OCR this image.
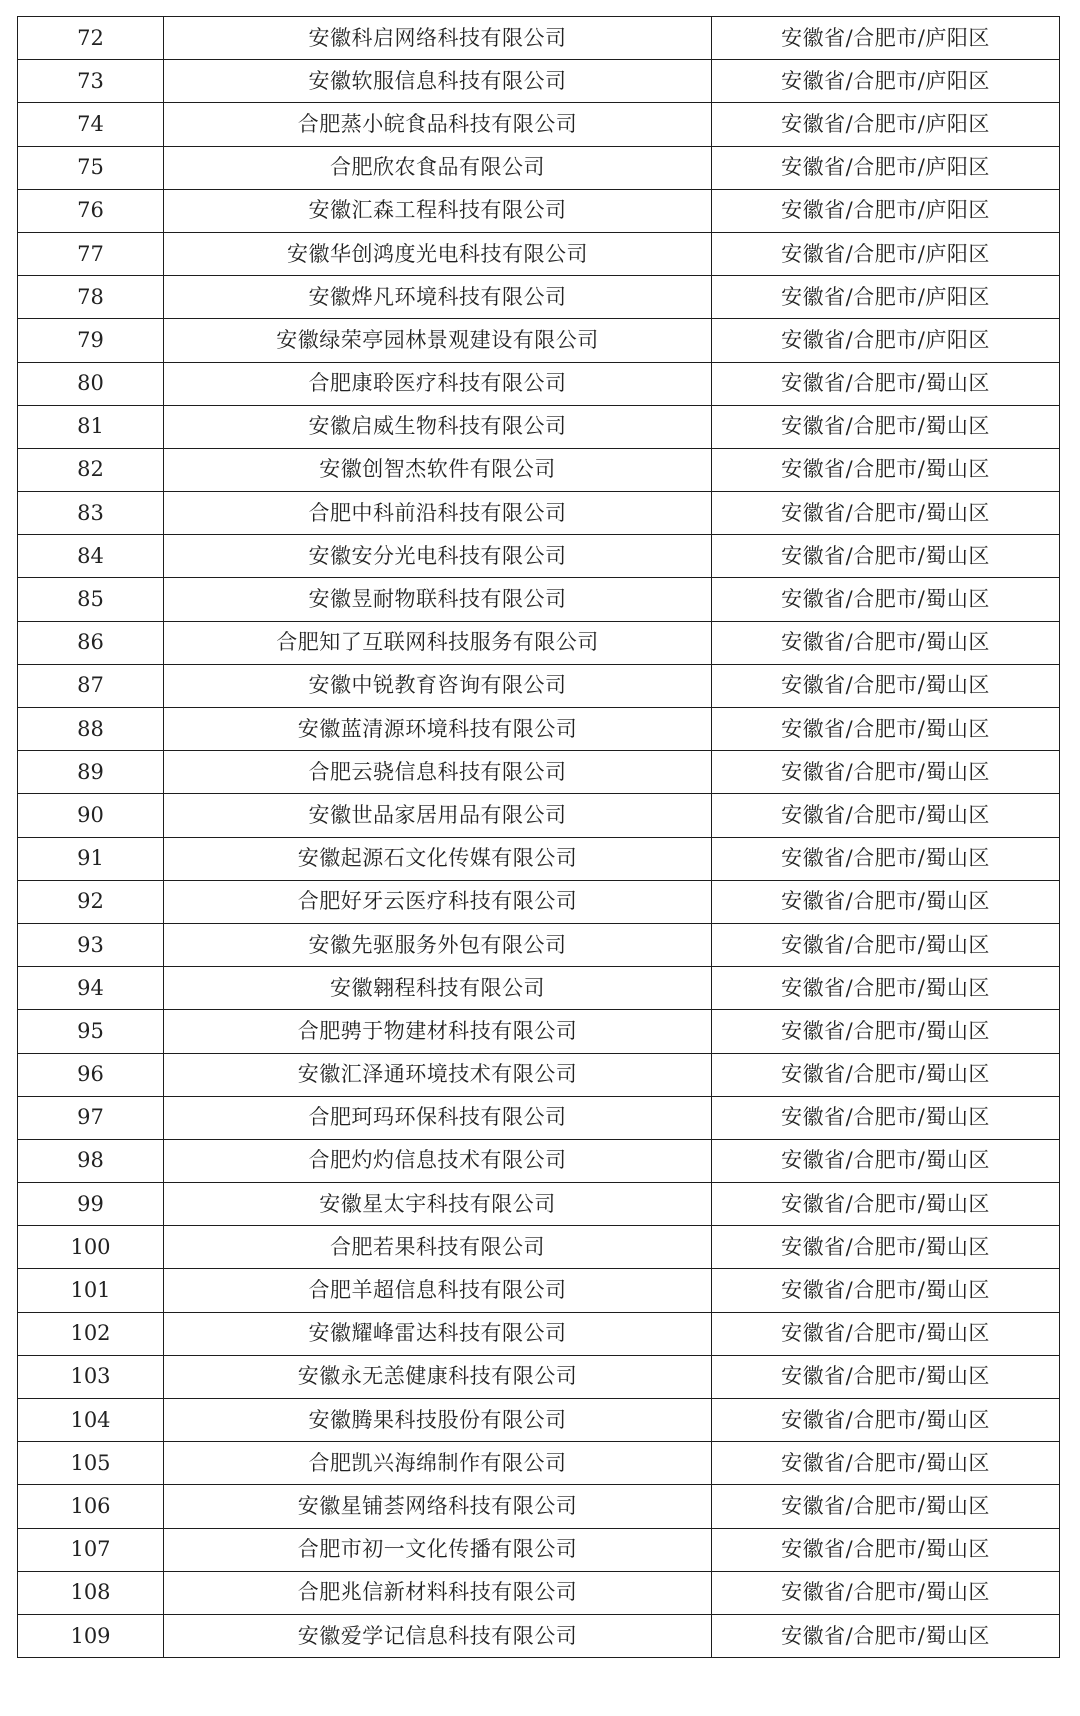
72	安徽科启网络科技有限公司	安徽省/合肥市/庐阳区
73	安徽软服信息科技有限公司	安徽省/合肥市/庐阳区
74	合肥蒸小皖食品科技有限公司	安徽省/合肥市/庐阳区
75	合肥欣农食品有限公司	安徽省/合肥市/庐阳区
76	安徽汇森工程科技有限公司	安徽省/合肥市/庐阳区
77	安徽华创鸿度光电科技有限公司	安徽省/合肥市/庐阳区
78	安徽烨凡环境科技有限公司	安徽省/合肥市/庐阳区
79	安徽绿荣亭园林景观建设有限公司	安徽省/合肥市/庐阳区
80	合肥康聆医疗科技有限公司	安徽省/合肥市/蜀山区
81	安徽启威生物科技有限公司	安徽省/合肥市/蜀山区
82	安徽创智杰软件有限公司	安徽省/合肥市/蜀山区
83	合肥中科前沿科技有限公司	安徽省/合肥市/蜀山区
84	安徽安分光电科技有限公司	安徽省/合肥市/蜀山区
85	安徽昱耐物联科技有限公司	安徽省/合肥市/蜀山区
86	合肥知了互联网科技服务有限公司	安徽省/合肥市/蜀山区
87	安徽中锐教育咨询有限公司	安徽省/合肥市/蜀山区
88	安徽蓝清源环境科技有限公司	安徽省/合肥市/蜀山区
89	合肥云骁信息科技有限公司	安徽省/合肥市/蜀山区
90	安徽世品家居用品有限公司	安徽省/合肥市/蜀山区
91	安徽起源石文化传媒有限公司	安徽省/合肥市/蜀山区
92	合肥好牙云医疗科技有限公司	安徽省/合肥市/蜀山区
93	安徽先驱服务外包有限公司	安徽省/合肥市/蜀山区
94	安徽翱程科技有限公司	安徽省/合肥市/蜀山区
95	合肥骋于物建材科技有限公司	安徽省/合肥市/蜀山区
96	安徽汇泽通环境技术有限公司	安徽省/合肥市/蜀山区
97	合肥珂玛环保科技有限公司	安徽省/合肥市/蜀山区
98	合肥灼灼信息技术有限公司	安徽省/合肥市/蜀山区
99	安徽星太宇科技有限公司	安徽省/合肥市/蜀山区
100	合肥若果科技有限公司	安徽省/合肥市/蜀山区
101	合肥羊超信息科技有限公司	安徽省/合肥市/蜀山区
102	安徽耀峰雷达科技有限公司	安徽省/合肥市/蜀山区
103	安徽永无恙健康科技有限公司	安徽省/合肥市/蜀山区
104	安徽腾果科技股份有限公司	安徽省/合肥市/蜀山区
105	合肥凯兴海绵制作有限公司	安徽省/合肥市/蜀山区
106	安徽星铺荟网络科技有限公司	安徽省/合肥市/蜀山区
107	合肥市初一文化传播有限公司	安徽省/合肥市/蜀山区
108	合肥兆信新材料科技有限公司	安徽省/合肥市/蜀山区
109	安徽爱学记信息科技有限公司	安徽省/合肥市/蜀山区
